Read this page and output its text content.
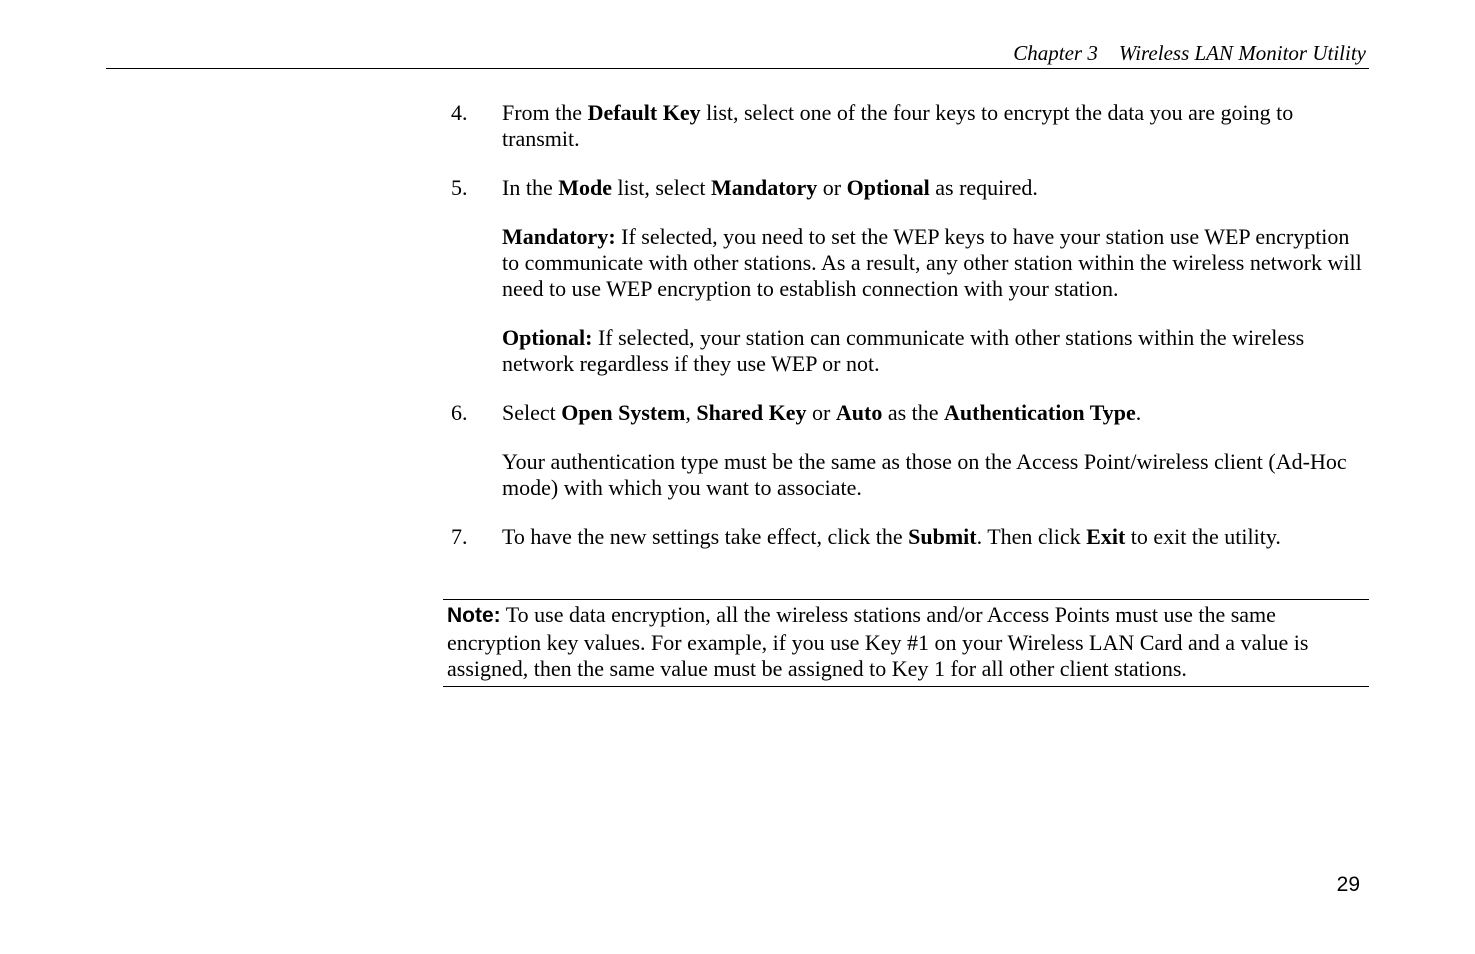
Chapter 3 Wireless LAN Monitor Utility
4. From the Default Key list, select one of the four keys to encrypt the data you are going to transmit.
5. In the Mode list, select Mandatory or Optional as required.
Mandatory: If selected, you need to set the WEP keys to have your station use WEP encryption to communicate with other stations. As a result, any other station within the wireless network will need to use WEP encryption to establish connection with your station.
Optional: If selected, your station can communicate with other stations within the wireless network regardless if they use WEP or not.
6. Select Open System, Shared Key or Auto as the Authentication Type.
Your authentication type must be the same as those on the Access Point/wireless client (Ad-Hoc mode) with which you want to associate.
7. To have the new settings take effect, click the Submit. Then click Exit to exit the utility.
Note: To use data encryption, all the wireless stations and/or Access Points must use the same encryption key values. For example, if you use Key #1 on your Wireless LAN Card and a value is assigned, then the same value must be assigned to Key 1 for all other client stations.
29
